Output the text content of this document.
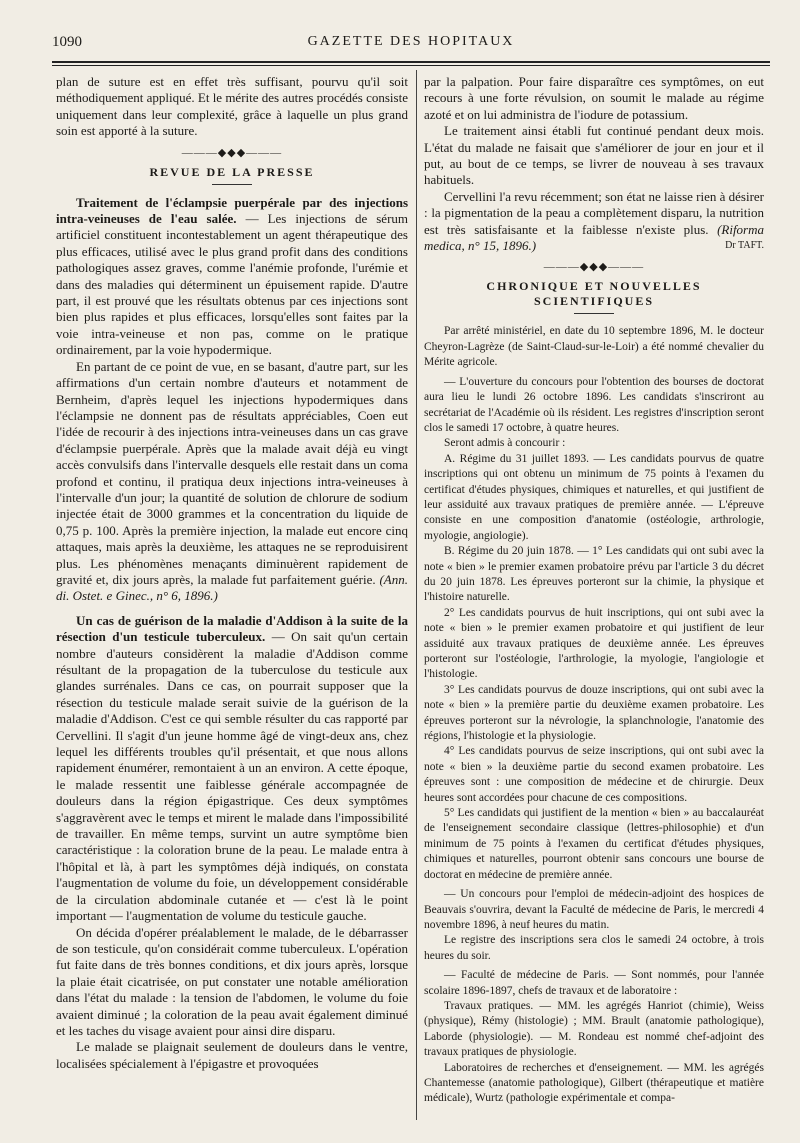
1090	GAZETTE DES HOPITAUX

plan de suture est en effet très suffisant, pourvu qu'il soit méthodiquement appliqué. Et le mérite des autres procédés consiste uniquement dans leur complexité, grâce à laquelle un plus grand soin est apporté à la suture.

———◆◆◆———
REVUE DE LA PRESSE

Traitement de l'éclampsie puerpérale par des injections intra-veineuses de l'eau salée. — Les injections de sérum artificiel constituent incontestablement un agent thérapeutique des plus efficaces, utilisé avec le plus grand profit dans des conditions pathologiques assez graves, comme l'anémie profonde, l'urémie et dans des maladies qui déterminent un épuisement rapide. D'autre part, il est prouvé que les résultats obtenus par ces injections sont bien plus rapides et plus efficaces, lorsqu'elles sont faites par la voie intra-veineuse et non pas, comme on le pratique ordinairement, par la voie hypodermique.

En partant de ce point de vue, en se basant, d'autre part, sur les affirmations d'un certain nombre d'auteurs et notamment de Bernheim, d'après lequel les injections hypodermiques dans l'éclampsie ne donnent pas de résultats appréciables, Coen eut l'idée de recourir à des injections intra-veineuses dans un cas grave d'éclampsie puerpérale. Après que la malade avait déjà eu vingt accès convulsifs dans l'intervalle desquels elle restait dans un coma profond et continu, il pratiqua deux injections intra-veineuses à l'intervalle d'un jour; la quantité de solution de chlorure de sodium injectée était de 3000 grammes et la concentration du liquide de 0,75 p. 100. Après la première injection, la malade eut encore cinq attaques, mais après la deuxième, les attaques ne se reproduisirent plus. Les phénomènes menaçants diminuèrent rapidement de gravité et, dix jours après, la malade fut parfaitement guérie. (Ann. di. Ostet. e Ginec., n° 6, 1896.)

Un cas de guérison de la maladie d'Addison à la suite de la résection d'un testicule tuberculeux. — On sait qu'un certain nombre d'auteurs considèrent la maladie d'Addison comme résultant de la propagation de la tuberculose du testicule aux glandes surrénales. Dans ce cas, on pourrait supposer que la résection du testicule malade serait suivie de la guérison de la maladie d'Addison. C'est ce qui semble résulter du cas rapporté par Cervellini. Il s'agit d'un jeune homme âgé de vingt-deux ans, chez lequel les différents troubles qu'il présentait, et que nous allons rapidement énumérer, remontaient à un an environ. A cette époque, le malade ressentit une faiblesse générale accompagnée de douleurs dans la région épigastrique. Ces deux symptômes s'aggravèrent avec le temps et mirent le malade dans l'impossibilité de travailler. En même temps, survint un autre symptôme bien caractéristique : la coloration brune de la peau. Le malade entra à l'hôpital et là, à part les symptômes déjà indiqués, on constata l'augmentation de volume du foie, un développement considérable de la circulation abdominale cutanée et — c'est là le point important — l'augmentation de volume du testicule gauche.

On décida d'opérer préalablement le malade, de le débarrasser de son testicule, qu'on considérait comme tuberculeux. L'opération fut faite dans de très bonnes conditions, et dix jours après, lorsque la plaie était cicatrisée, on put constater une notable amélioration dans l'état du malade : la tension de l'abdomen, le volume du foie avaient diminué ; la coloration de la peau avait également diminué et les taches du visage avaient pour ainsi dire disparu.

Le malade se plaignait seulement de douleurs dans le ventre, localisées spécialement à l'épigastre et provoquées

par la palpation. Pour faire disparaître ces symptômes, on eut recours à une forte révulsion, on soumit le malade au régime azoté et on lui administra de l'iodure de potassium.

Le traitement ainsi établi fut continué pendant deux mois. L'état du malade ne faisait que s'améliorer de jour en jour et il put, au bout de ce temps, se livrer de nouveau à ses travaux habituels.

Cervellini l'a revu récemment; son état ne laisse rien à désirer : la pigmentation de la peau a complètement disparu, la nutrition est très satisfaisante et la faiblesse n'existe plus. (Riforma medica, n° 15, 1896.)	Dr TAFT.

———◆◆◆———
CHRONIQUE ET NOUVELLES SCIENTIFIQUES

Par arrêté ministériel, en date du 10 septembre 1896, M. le docteur Cheyron-Lagrèze (de Saint-Claud-sur-le-Loir) a été nommé chevalier du Mérite agricole.

— L'ouverture du concours pour l'obtention des bourses de doctorat aura lieu le lundi 26 octobre 1896. Les candidats s'inscriront au secrétariat de l'Académie où ils résident. Les registres d'inscription seront clos le samedi 17 octobre, à quatre heures.

Seront admis à concourir :

A. Régime du 31 juillet 1893. — Les candidats pourvus de quatre inscriptions qui ont obtenu un minimum de 75 points à l'examen du certificat d'études physiques, chimiques et naturelles, et qui justifient de leur assiduité aux travaux pratiques de première année. — L'épreuve consiste en une composition d'anatomie (ostéologie, arthrologie, myologie, angiologie).

B. Régime du 20 juin 1878. — 1° Les candidats qui ont subi avec la note « bien » le premier examen probatoire prévu par l'article 3 du décret du 20 juin 1878. Les épreuves porteront sur la chimie, la physique et l'histoire naturelle.

2° Les candidats pourvus de huit inscriptions, qui ont subi avec la note « bien » le premier examen probatoire et qui justifient de leur assiduité aux travaux pratiques de deuxième année. Les épreuves porteront sur l'ostéologie, l'arthrologie, la myologie, l'angiologie et l'histologie.

3° Les candidats pourvus de douze inscriptions, qui ont subi avec la note « bien » la première partie du deuxième examen probatoire. Les épreuves porteront sur la névrologie, la splanchnologie, l'anatomie des régions, l'histologie et la physiologie.

4° Les candidats pourvus de seize inscriptions, qui ont subi avec la note « bien » la deuxième partie du second examen probatoire. Les épreuves sont : une composition de médecine et de chirurgie. Deux heures sont accordées pour chacune de ces compositions.

5° Les candidats qui justifient de la mention « bien » au baccalauréat de l'enseignement secondaire classique (lettres-philosophie) et d'un minimum de 75 points à l'examen du certificat d'études physiques, chimiques et naturelles, pourront obtenir sans concours une bourse de doctorat en médecine de première année.

— Un concours pour l'emploi de médecin-adjoint des hospices de Beauvais s'ouvrira, devant la Faculté de médecine de Paris, le mercredi 4 novembre 1896, à neuf heures du matin.

Le registre des inscriptions sera clos le samedi 24 octobre, à trois heures du soir.

— Faculté de médecine de Paris. — Sont nommés, pour l'année scolaire 1896-1897, chefs de travaux et de laboratoire :

Travaux pratiques. — MM. les agrégés Hanriot (chimie), Weiss (physique), Rémy (histologie) ; MM. Brault (anatomie pathologique), Laborde (physiologie). — M. Rondeau est nommé chef-adjoint des travaux pratiques de physiologie.

Laboratoires de recherches et d'enseignement. — MM. les agrégés Chantemesse (anatomie pathologique), Gilbert (thérapeutique et matière médicale), Wurtz (pathologie expérimentale et compa-
